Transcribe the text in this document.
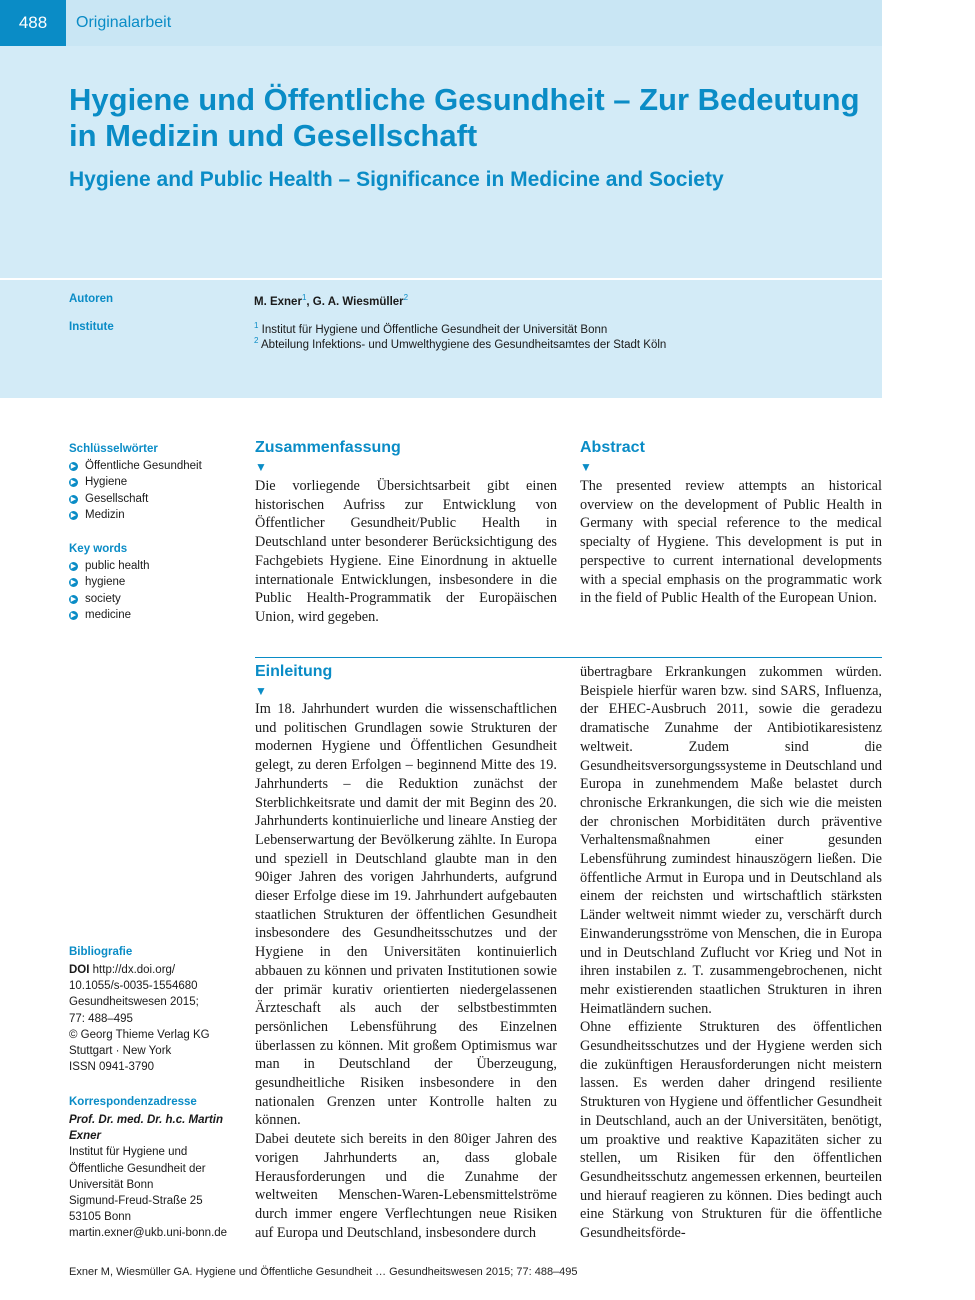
488	Originalarbeit
Hygiene und Öffentliche Gesundheit – Zur Bedeutung
in Medizin und Gesellschaft
Hygiene and Public Health – Significance in Medicine and Society
Autoren	M. Exner$^1$, G. A. Wiesmüller$^2$
Institute	$^1$ Institut für Hygiene und Öffentliche Gesundheit der Universität Bonn
$^2$ Abteilung Infektions- und Umwelthygiene des Gesundheitsamtes der Stadt Köln
Schlüsselwörter
▶ Öffentliche Gesundheit
▶ Hygiene
▶ Gesellschaft
▶ Medizin
Key words
▶ public health
▶ hygiene
▶ society
▶ medicine
Bibliografie
DOI http://dx.doi.org/
10.1055/s-0035-1554680
Gesundheitswesen 2015;
77: 488–495
© Georg Thieme Verlag KG
Stuttgart · New York
ISSN 0941-3790
Korrespondenzadresse
Prof. Dr. med. Dr. h.c. Martin
Exner
Institut für Hygiene und
Öffentliche Gesundheit der
Universität Bonn
Sigmund-Freud-Straße 25
53105 Bonn
martin.exner@ukb.uni-bonn.de
Zusammenfassung
▼

Die vorliegende Übersichtsarbeit gibt einen historischen Aufriss zur Entwicklung von Öffentlicher Gesundheit/Public Health in Deutschland unter besonderer Berücksichtigung des Fachgebiets Hygiene. Eine Einordnung in aktuelle internationale Entwicklungen, insbesondere in die Public Health-Programmatik der Europäischen Union, wird gegeben.

Abstract
▼

The presented review attempts an historical overview on the development of Public Health in Germany with special reference to the medical specialty of Hygiene. This development is put in perspective to current international developments with a special emphasis on the programmatic work in the field of Public Health of the European Union.

Einleitung
▼

Im 18. Jahrhundert wurden die wissenschaftlichen und politischen Grundlagen sowie Strukturen der modernen Hygiene und Öffentlichen Gesundheit gelegt, zu deren Erfolgen – beginnend Mitte des 19. Jahrhunderts – die Reduktion zunächst der Sterblichkeitsrate und damit der mit Beginn des 20. Jahrhunderts kontinuierliche und lineare Anstieg der Lebenserwartung der Bevölkerung zählte. In Europa und speziell in Deutschland glaubte man in den 90iger Jahren des vorigen Jahrhunderts, aufgrund dieser Erfolge diese im 19. Jahrhundert aufgebauten staatlichen Strukturen der öffentlichen Gesundheit insbesondere des Gesundheitsschutzes und der Hygiene in den Universitäten kontinuierlich abbauen zu können und privaten Institutionen sowie der primär kurativ orientierten niedergelassenen Ärzteschaft als auch der selbstbestimmten persönlichen Lebensführung des Einzelnen überlassen zu können. Mit großem Optimismus war man in Deutschland der Überzeugung, gesundheitliche Risiken insbesondere in den nationalen Grenzen unter Kontrolle halten zu können.

Dabei deutete sich bereits in den 80iger Jahren des vorigen Jahrhunderts an, dass globale Herausforderungen und die Zunahme der weltweiten Menschen-Waren-Lebensmittelströme durch immer engere Verflechtungen neue Risiken auf Europa und Deutschland, insbesondere durch

übertragbare Erkrankungen zukommen würden. Beispiele hierfür waren bzw. sind SARS, Influenza, der EHEC-Ausbruch 2011, sowie die geradezu dramatische Zunahme der Antibiotikaresistenz weltweit. Zudem sind die Gesundheitsversorgungssysteme in Deutschland und Europa in zunehmendem Maße belastet durch chronische Erkrankungen, die sich wie die meisten der chronischen Morbiditäten durch präventive Verhaltensmaßnahmen einer gesunden Lebensführung zumindest hinauszögern ließen. Die öffentliche Armut in Europa und in Deutschland als einem der reichsten und wirtschaftlich stärksten Länder weltweit nimmt wieder zu, verschärft durch Einwanderungsströme von Menschen, die in Europa und in Deutschland Zuflucht vor Krieg und Not in ihren instabilen z. T. zusammengebrochenen, nicht mehr existierenden staatlichen Strukturen in ihren Heimatländern suchen.

Ohne effiziente Strukturen des öffentlichen Gesundheitsschutzes und der Hygiene werden sich die zukünftigen Herausforderungen nicht meistern lassen. Es werden daher dringend resiliente Strukturen von Hygiene und öffentlicher Gesundheit in Deutschland, auch an der Universitäten, benötigt, um proaktive und reaktive Kapazitäten sicher zu stellen, um Risiken für den öffentlichen Gesundheitsschutz angemessen erkennen, beurteilen und hierauf reagieren zu können. Dies bedingt auch eine Stärkung von Strukturen für die öffentliche Gesundheitsförde-

Exner M, Wiesmüller GA. Hygiene und Öffentliche Gesundheit … Gesundheitswesen 2015; 77: 488–495
